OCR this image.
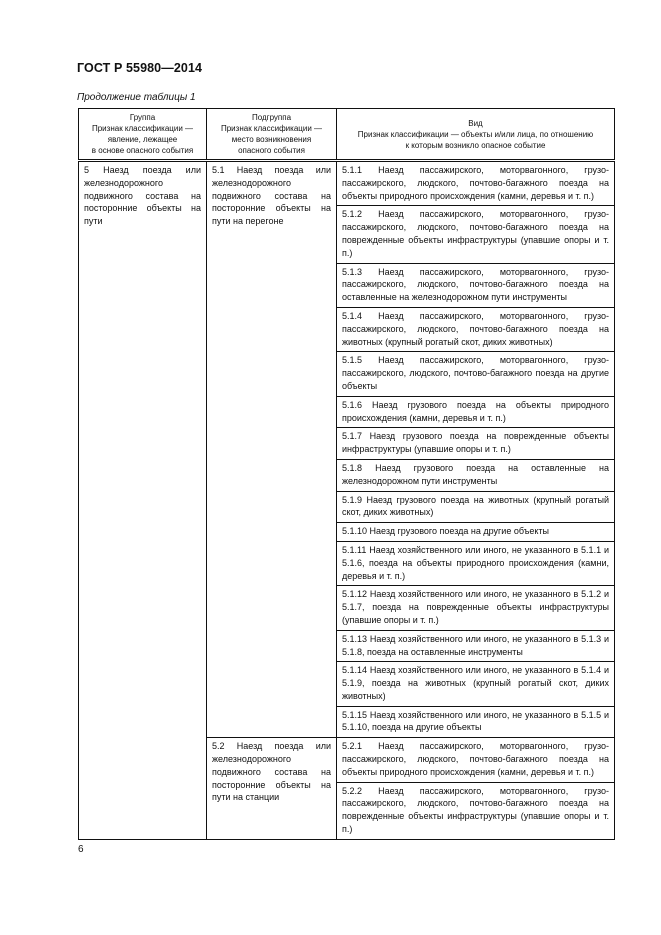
ГОСТ Р 55980—2014
Продолжение таблицы 1
Группа
Признак классификации —
явление, лежащее
в основе опасного события	Подгруппа
Признак классификации —
место возникновения
опасного события	Вид
Признак классификации — объекты и/или лица, по отношению
к которым возникло опасное событие

5 Наезд поезда или железнодорожного подвижного состава на посторонние объекты на пути	5.1 Наезд поезда или железнодорожного подвижного состава на посторонние объекты на пути на перегоне	5.1.1 Наезд пассажирского, моторвагонного, грузо-пассажирского, людского, почтово-багажного поезда на объекты природного происхождения (камни, деревья и т. п.)
		5.1.2 Наезд пассажирского, моторвагонного, грузо-пассажирского, людского, почтово-багажного поезда на поврежденные объекты инфраструктуры (упавшие опоры и т. п.)
		5.1.3 Наезд пассажирского, моторвагонного, грузо-пассажирского, людского, почтово-багажного поезда на оставленные на железнодорожном пути инструменты
		5.1.4 Наезд пассажирского, моторвагонного, грузо-пассажирского, людского, почтово-багажного поезда на животных (крупный рогатый скот, диких животных)
		5.1.5 Наезд пассажирского, моторвагонного, грузо-пассажирского, людского, почтово-багажного поезда на другие объекты
		5.1.6 Наезд грузового поезда на объекты природного происхождения (камни, деревья и т. п.)
		5.1.7 Наезд грузового поезда на поврежденные объекты инфраструктуры (упавшие опоры и т. п.)
		5.1.8 Наезд грузового поезда на оставленные на железнодорожном пути инструменты
		5.1.9 Наезд грузового поезда на животных (крупный рогатый скот, диких животных)
		5.1.10 Наезд грузового поезда на другие объекты
		5.1.11 Наезд хозяйственного или иного, не указанного в 5.1.1 и 5.1.6, поезда на объекты природного происхождения (камни, деревья и т. п.)
		5.1.12 Наезд хозяйственного или иного, не указанного в 5.1.2 и 5.1.7, поезда на поврежденные объекты инфраструктуры (упавшие опоры и т. п.)
		5.1.13 Наезд хозяйственного или иного, не указанного в 5.1.3 и 5.1.8, поезда на оставленные инструменты
		5.1.14 Наезд хозяйственного или иного, не указанного в 5.1.4 и 5.1.9, поезда на животных (крупный рогатый скот, диких животных)
		5.1.15 Наезд хозяйственного или иного, не указанного в 5.1.5 и 5.1.10, поезда на другие объекты
	5.2 Наезд поезда или железнодорожного подвижного состава на посторонние объекты на пути на станции	5.2.1 Наезд пассажирского, моторвагонного, грузо-пассажирского, людского, почтово-багажного поезда на объекты природного происхождения (камни, деревья и т. п.)
		5.2.2 Наезд пассажирского, моторвагонного, грузо-пассажирского, людского, почтово-багажного поезда на поврежденные объекты инфраструктуры (упавшие опоры и т. п.)
6
